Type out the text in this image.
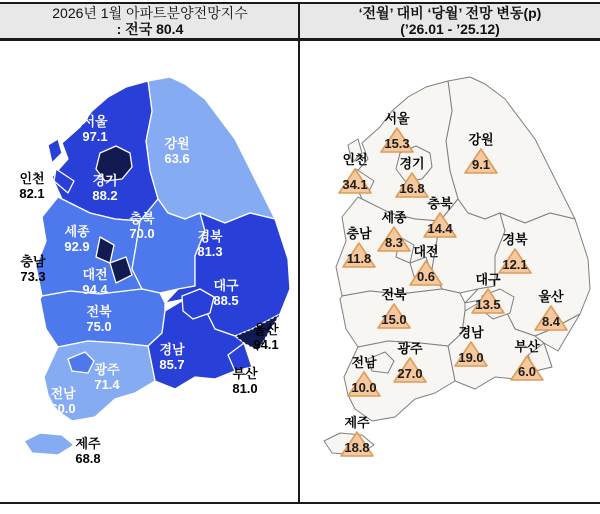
2026년 1월 아파트분양전망지수
: 전국 80.4
‘전월’ 대비 ‘당월’ 전망 변동(p)
(’26.01 - ’25.12)
서울
97.1
인천
82.1
경기
88.2
강원
63.6
충북
70.0
세종
92.9
충남
73.3	대전
94.4
경북
81.3
대구
88.5
전북
75.0	울산
94.1
경남
85.7
부산
81.0
광주
71.4
전남
60.0
제주
68.8
서울
15.3
인천
34.1
경기
16.8
강원
9.1
충북
14.4
세종
8.3
충남
11.8	대전
0.6
경북
12.1
대구
13.5
전북
15.0
울산
8.4
경남
19.0
부산
6.0
광주
27.0
전남
10.0
제주
18.8
